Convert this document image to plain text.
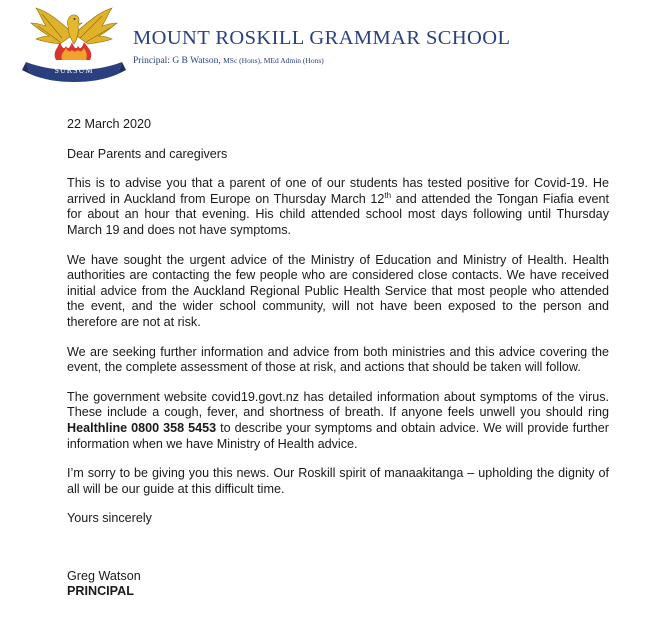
SURSUM
MOUNT ROSKILL GRAMMAR SCHOOL
Principal: G B Watson, MSc (Hons), MEd Admin (Hons)

22 March 2020

Dear Parents and caregivers

This is to advise you that a parent of one of our students has tested positive for Covid-19. He arrived in Auckland from Europe on Thursday March 12th and attended the Tongan Fiafia event for about an hour that evening. His child attended school most days following until Thursday March 19 and does not have symptoms.

We have sought the urgent advice of the Ministry of Education and Ministry of Health. Health authorities are contacting the few people who are considered close contacts. We have received initial advice from the Auckland Regional Public Health Service that most people who attended the event, and the wider school community, will not have been exposed to the person and therefore are not at risk.

We are seeking further information and advice from both ministries and this advice covering the event, the complete assessment of those at risk, and actions that should be taken will follow.

The government website covid19.govt.nz has detailed information about symptoms of the virus. These include a cough, fever, and shortness of breath. If anyone feels unwell you should ring Healthline 0800 358 5453 to describe your symptoms and obtain advice. We will provide further information when we have Ministry of Health advice.

I’m sorry to be giving you this news. Our Roskill spirit of manaakitanga – upholding the dignity of all will be our guide at this difficult time.

Yours sincerely

Greg Watson

PRINCIPAL
